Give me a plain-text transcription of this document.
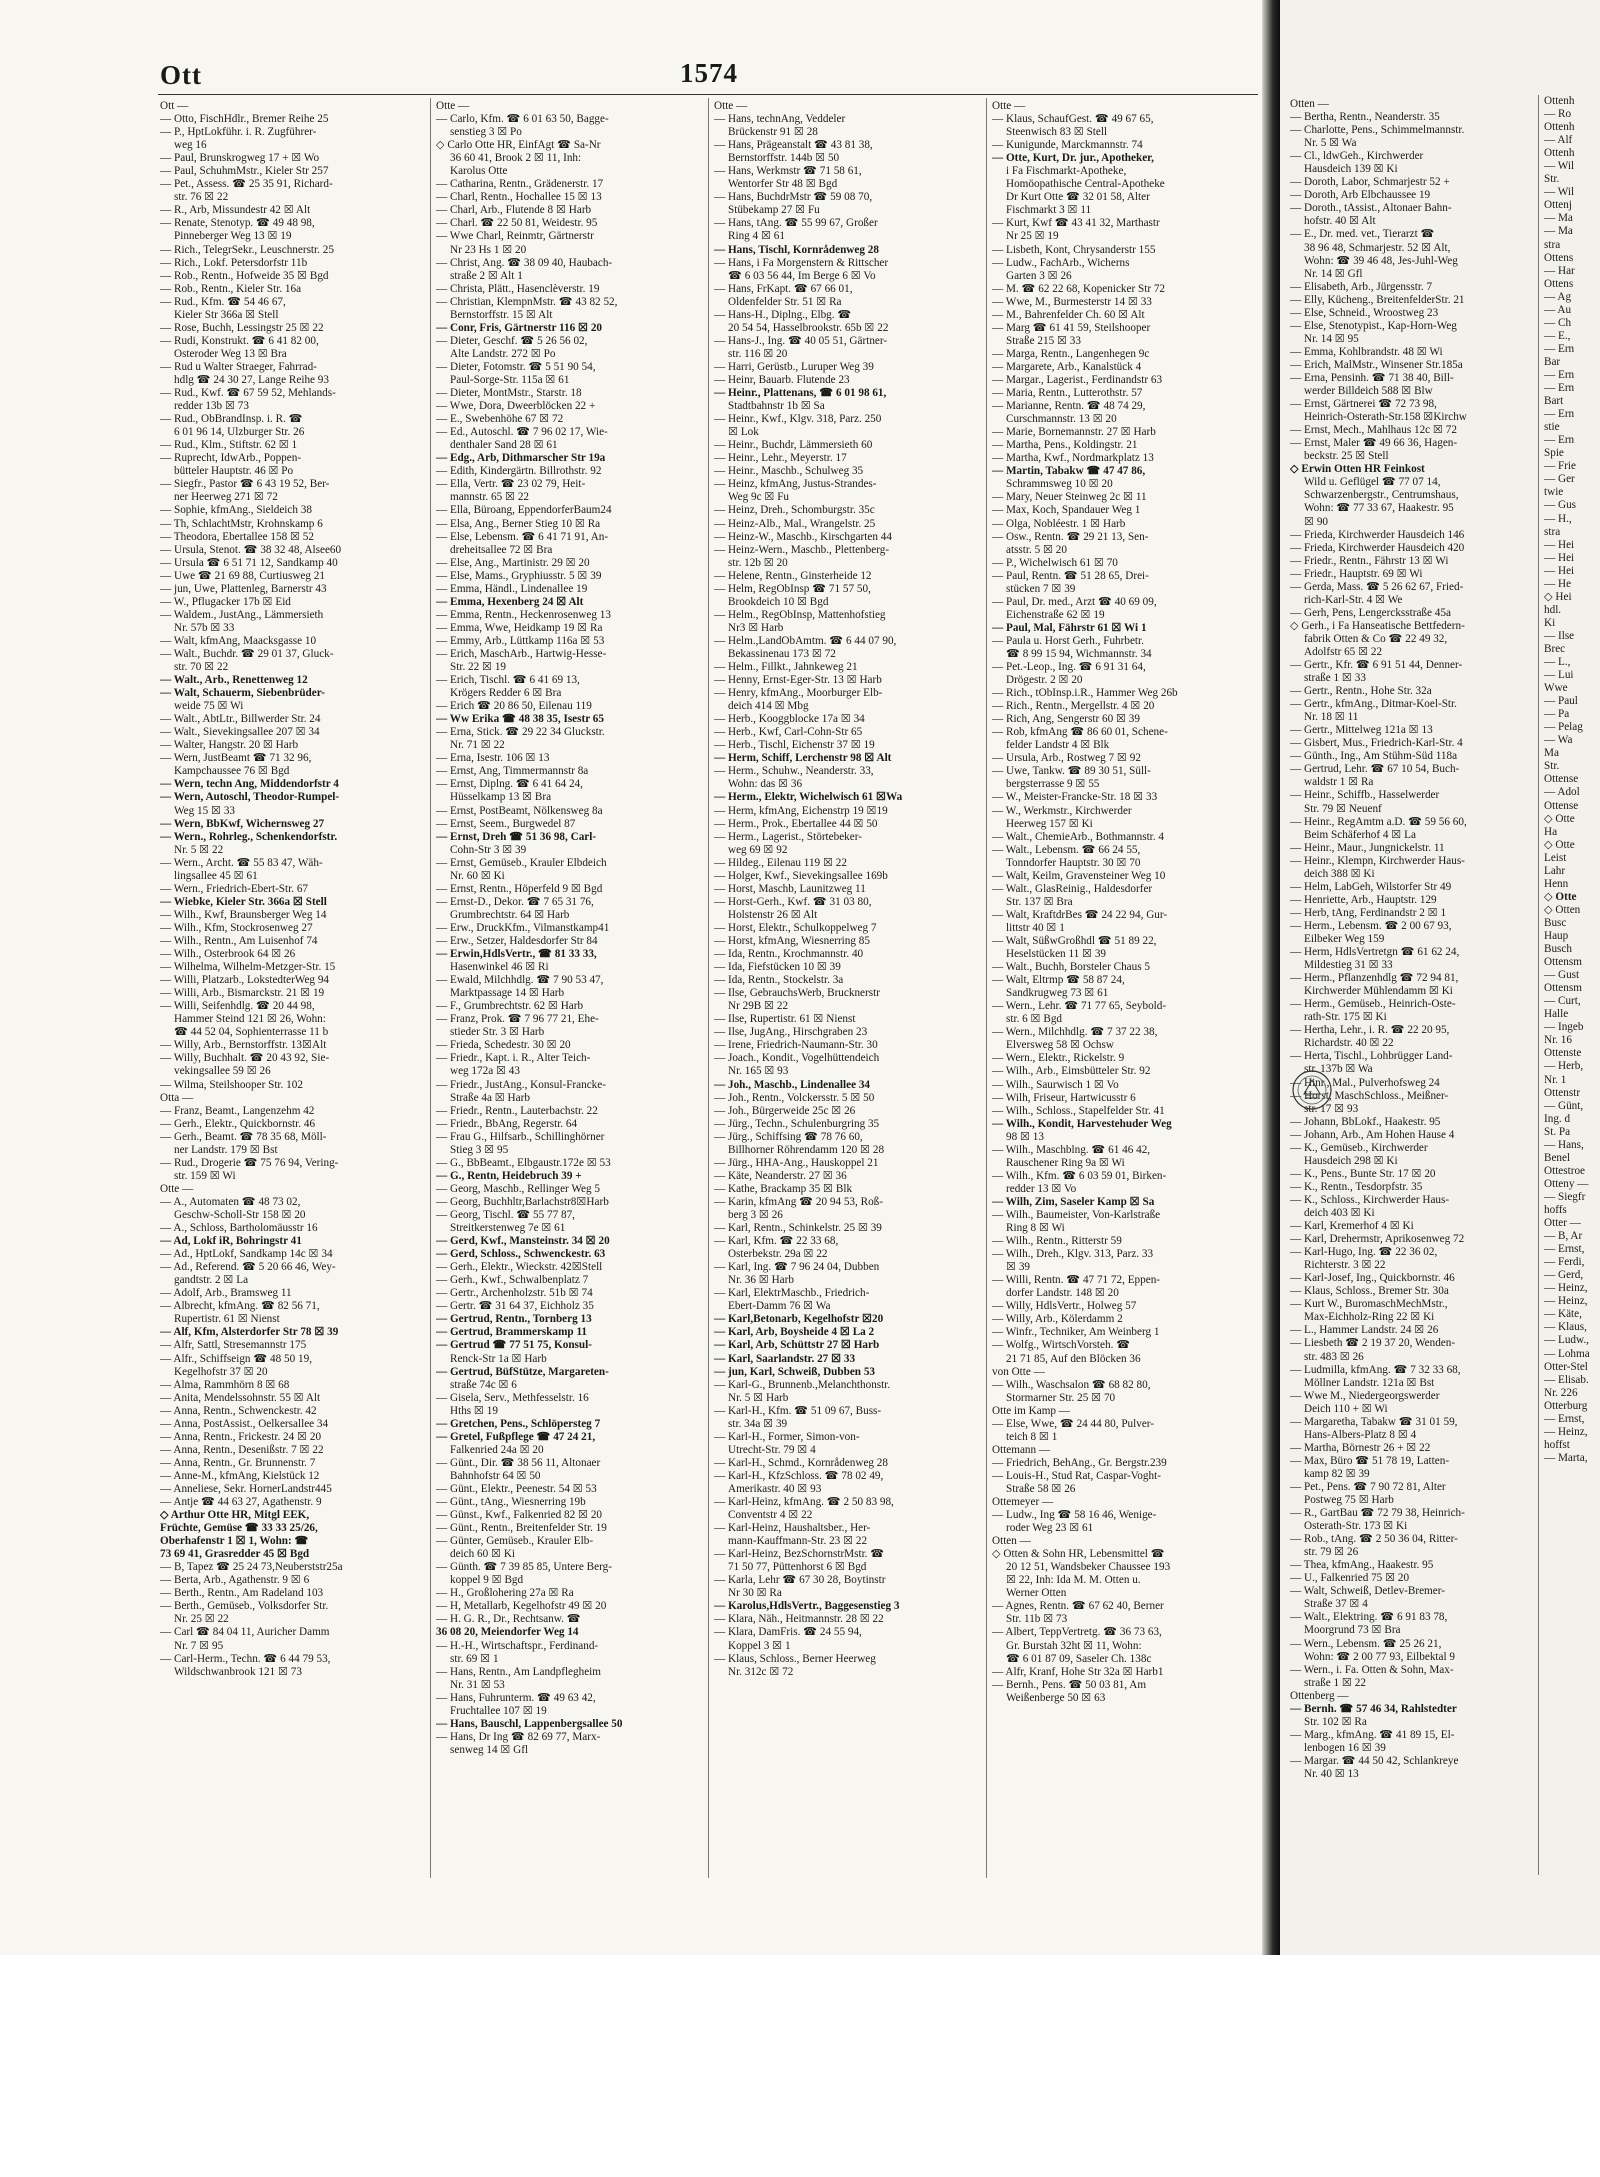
Ott	1574
Ott —
— Otto, FischHdlr., Bremer Reihe 25
— P., HptLokführ. i. R. Zugführer-
weg 16
— Paul, Brunskrogweg 17 + ☒ Wo
— Paul, SchuhmMstr., Kieler Str 257
— Pet., Assess. ☎ 25 35 91, Richard-
str. 76 ☒ 22
— R., Arb, Missundestr 42 ☒ Alt
— Renate, Stenotyp. ☎ 49 48 98,
Pinneberger Weg 13 ☒ 19
— Rich., TelegrSekr., Leuschnerstr. 25
— Rich., Lokf. Petersdorfstr 11b
— Rob., Rentn., Hofweide 35 ☒ Bgd
— Rob., Rentn., Kieler Str. 16a
— Rud., Kfm. ☎ 54 46 67,
Kieler Str 366a ☒ Stell
— Rose, Buchh, Lessingstr 25 ☒ 22
— Rudi, Konstrukt. ☎ 6 41 82 00,
Osteroder Weg 13 ☒ Bra
— Rud u Walter Straeger, Fahrrad-
hdlg ☎ 24 30 27, Lange Reihe 93
— Rud., Kwf. ☎ 67 59 52, Mehlands-
redder 13b ☒ 73
— Rud., ObBrandInsp. i. R. ☎
6 01 96 14, Ulzburger Str. 26
— Rud., Klm., Stiftstr. 62 ☒ 1
— Ruprecht, IdwArb., Poppen-
bütteler Hauptstr. 46 ☒ Po
— Siegfr., Pastor ☎ 6 43 19 52, Ber-
ner Heerweg 271 ☒ 72
— Sophie, kfmAng., Sieldeich 38
— Th, SchlachtMstr, Krohnskamp 6
— Theodora, Ebertallee 158 ☒ 52
— Ursula, Stenot. ☎ 38 32 48, Alsee60
— Ursula ☎ 6 51 71 12, Sandkamp 40
— Uwe ☎ 21 69 88, Curtiusweg 21
— jun, Uwe, Plattenleg, Barnerstr 43
— W., Pflugacker 17b ☒ Eid
— Waldem., JustAng., Lämmersieth
Nr. 57b ☒ 33
— Walt, kfmAng, Maacksgasse 10
— Walt., Buchdr. ☎ 29 01 37, Gluck-
str. 70 ☒ 22
— Walt., Arb., Renettenweg 12
— Walt, Schauerm, Siebenbrüder-
weide 75 ☒ Wi
— Walt., AbtLtr., Billwerder Str. 24
— Walt., Sievekingsallee 207 ☒ 34
— Walter, Hangstr. 20 ☒ Harb
— Wern, JustBeamt ☎ 71 32 96,
Kampchaussee 76 ☒ Bgd
— Wern, techn Ang, Middendorfstr 4
— Wern, Autoschl, Theodor-Rumpel-
Weg 15 ☒ 33
— Wern, BbKwf, Wichernsweg 27
— Wern., Rohrleg., Schenkendorfstr.
Nr. 5 ☒ 22
— Wern., Archt. ☎ 55 83 47, Wäh-
lingsallee 45 ☒ 61
— Wern., Friedrich-Ebert-Str. 67
— Wiebke, Kieler Str. 366a ☒ Stell
— Wilh., Kwf, Braunsberger Weg 14
— Wilh., Kfm, Stockrosenweg 27
— Wilh., Rentn., Am Luisenhof 74
— Wilh., Osterbrook 64 ☒ 26
— Wilhelma, Wilhelm-Metzger-Str. 15
— Willi, Platzarb., LokstedterWeg 94
— Willi, Arb., Bismarckstr. 21 ☒ 19
— Willi, Seifenhdlg. ☎ 20 44 98,
Hammer Steind 121 ☒ 26, Wohn:
☎ 44 52 04, Sophienterrasse 11 b
— Willy, Arb., Bernstorffstr. 13☒Alt
— Willy, Buchhalt. ☎ 20 43 92, Sie-
vekingsallee 59 ☒ 26
— Wilma, Steilshooper Str. 102
Otta —
— Franz, Beamt., Langenzehm 42
— Gerh., Elektr., Quickbornstr. 46
— Gerh., Beamt. ☎ 78 35 68, Möll-
ner Landstr. 179 ☒ Bst
— Rud., Drogerie ☎ 75 76 94, Vering-
str. 159 ☒ Wi
Otte —
— A., Automaten ☎ 48 73 02,
Geschw-Scholl-Str 158 ☒ 20
— A., Schloss, Bartholomäusstr 16
— Ad, Lokf iR, Bohringstr 41
— Ad., HptLokf, Sandkamp 14c ☒ 34
— Ad., Referend. ☎ 5 20 66 46, Wey-
gandtstr. 2 ☒ La
— Adolf, Arb., Bramsweg 11
— Albrecht, kfmAng. ☎ 82 56 71,
Rupertistr. 61 ☒ Nienst
— Alf, Kfm, Alsterdorfer Str 78 ☒ 39
— Alfr, Sattl, Stresemannstr 175
— Alfr., Schiffseign ☎ 48 50 19,
Kegelhofstr 37 ☒ 20
— Alma, Rammhörn 8 ☒ 68
— Anita, Mendelssohnstr. 55 ☒ Alt
— Anna, Rentn., Schwenckestr. 42
— Anna, PostAssist., Oelkersallee 34
— Anna, Rentn., Frickestr. 24 ☒ 20
— Anna, Rentn., Desenißstr. 7 ☒ 22
— Anna, Rentn., Gr. Brunnenstr. 7
— Anne-M., kfmAng, Kielstück 12
— Anneliese, Sekr. HornerLandstr445
— Antje ☎ 44 63 27, Agathenstr. 9
◇ Arthur Otte HR, Mitgl EEK,
Früchte, Gemüse ☎ 33 33 25/26,
Oberhafenstr 1 ☒ 1, Wohn: ☎
73 69 41, Grasredder 45 ☒ Bgd
— B, Tapez ☎ 25 24 73,Neuberststr25a
— Berta, Arb., Agathenstr. 9 ☒ 6
— Berth., Rentn., Am Radeland 103
— Berth., Gemüseb., Volksdorfer Str.
Nr. 25 ☒ 22
— Carl ☎ 84 04 11, Auricher Damm
Nr. 7 ☒ 95
— Carl-Herm., Techn. ☎ 6 44 79 53,
Wildschwanbrook 121 ☒ 73
Otte —
— Carlo, Kfm. ☎ 6 01 63 50, Bagge-
senstieg 3 ☒ Po
◇ Carlo Otte HR, EinfAgt ☎ Sa-Nr
36 60 41, Brook 2 ☒ 11, Inh:
Karolus Otte
— Catharina, Rentn., Grädenerstr. 17
— Charl, Rentn., Hochallee 15 ☒ 13
— Charl, Arb., Flutende 8 ☒ Harb
— Charl. ☎ 22 50 81, Weidestr. 95
— Wwe Charl, Reinmtr, Gärtnerstr
Nr 23 Hs 1 ☒ 20
— Christ, Ang. ☎ 38 09 40, Haubach-
straße 2 ☒ Alt 1
— Christa, Plätt., Hasenclèverstr. 19
— Christian, KlempnMstr. ☎ 43 82 52,
Bernstorffstr. 15 ☒ Alt
— Conr, Fris, Gärtnerstr 116 ☒ 20
— Dieter, Geschf. ☎ 5 26 56 02,
Alte Landstr. 272 ☒ Po
— Dieter, Fotomstr. ☎ 5 51 90 54,
Paul-Sorge-Str. 115a ☒ 61
— Dieter, MontMstr., Starstr. 18
— Wwe, Dora, Dweerblöcken 22 +
— E., Swebenhöhe 67 ☒ 72
— Ed., Autoschl. ☎ 7 96 02 17, Wie-
denthaler Sand 28 ☒ 61
— Edg., Arb, Dithmarscher Str 19a
— Edith, Kindergärtn. Billrothstr. 92
— Ella, Vertr. ☎ 23 02 79, Heit-
mannstr. 65 ☒ 22
— Ella, Büroang, EppendorferBaum24
— Elsa, Ang., Berner Stieg 10 ☒ Ra
— Else, Lebensm. ☎ 6 41 71 91, An-
dreheitsallee 72 ☒ Bra
— Else, Ang., Martinistr. 29 ☒ 20
— Else, Mams., Gryphiusstr. 5 ☒ 39
— Emma, Händl., Lindenallee 19
— Emma, Hexenberg 24 ☒ Alt
— Emma, Rentn., Heckenrosenweg 13
— Emma, Wwe, Heidkamp 19 ☒ Ra
— Emmy, Arb., Lüttkamp 116a ☒ 53
— Erich, MaschArb., Hartwig-Hesse-
Str. 22 ☒ 19
— Erich, Tischl. ☎ 6 41 69 13,
Krögers Redder 6 ☒ Bra
— Erich ☎ 20 86 50, Eilenau 119
— Ww Erika ☎ 48 38 35, Isestr 65
— Erna, Stick. ☎ 29 22 34 Gluckstr.
Nr. 71 ☒ 22
— Erna, Isestr. 106 ☒ 13
— Ernst, Ang, Timmermannstr 8a
— Ernst, Diplng. ☎ 6 41 64 24,
Hüsselkamp 13 ☒ Bra
— Ernst, PostBeamt, Nölkensweg 8a
— Ernst, Seem., Burgwedel 87
— Ernst, Dreh ☎ 51 36 98, Carl-
Cohn-Str 3 ☒ 39
— Ernst, Gemüseb., Krauler Elbdeich
Nr. 60 ☒ Ki
— Ernst, Rentn., Höperfeld 9 ☒ Bgd
— Ernst-D., Dekor. ☎ 7 65 31 76,
Grumbrechtstr. 64 ☒ Harb
— Erw., DruckKfm., Vilmanstkamp41
— Erw., Setzer, Haldesdorfer Str 84
— Erwin,HdlsVertr., ☎ 81 33 33,
Hasenwinkel 46 ☒ Ri
— Ewald, Milchhdlg. ☎ 7 90 53 47,
Marktpassage 14 ☒ Harb
— F., Grumbrechtstr. 62 ☒ Harb
— Franz, Prok. ☎ 7 96 77 21, Ehe-
stieder Str. 3 ☒ Harb
— Frieda, Schedestr. 30 ☒ 20
— Friedr., Kapt. i. R., Alter Teich-
weg 172a ☒ 43
— Friedr., JustAng., Konsul-Francke-
Straße 4a ☒ Harb
— Friedr., Rentn., Lauterbachstr. 22
— Friedr., BbAng, Regerstr. 64
— Frau G., Hilfsarb., Schillinghörner
Stieg 3 ☒ 95
— G., BbBeamt., Elbgaustr.172e ☒ 53
— G., Rentn, Heidebruch 39 +
— Georg, Maschb., Rellinger Weg 5
— Georg, Buchhltr,Barlachstr8☒Harb
— Georg, Tischl. ☎ 55 77 87,
Streitkerstenweg 7e ☒ 61
— Gerd, Kwf., Mansteinstr. 34 ☒ 20
— Gerd, Schloss., Schwenckestr. 63
— Gerh., Elektr., Wieckstr. 42☒Stell
— Gerh., Kwf., Schwalbenplatz 7
— Gertr., Archenholzstr. 51b ☒ 74
— Gertr. ☎ 31 64 37, Eichholz 35
— Gertrud, Rentn., Tornberg 13
— Gertrud, Brammerskamp 11
— Gertrud ☎ 77 51 75, Konsul-
Renck-Str 1a ☒ Harb
— Gertrud, BüfStütze, Margareten-
straße 74c ☒ 6
— Gisela, Serv., Methfesselstr. 16
Hths ☒ 19
— Gretchen, Pens., Schlöpersteg 7
— Gretel, Fußpflege ☎ 47 24 21,
Falkenried 24a ☒ 20
— Günt., Dir. ☎ 38 56 11, Altonaer
Bahnhofstr 64 ☒ 50
— Günt., Elektr., Peenestr. 54 ☒ 53
— Günt., tAng., Wiesnerring 19b
— Günst., Kwf., Falkenried 82 ☒ 20
— Günt., Rentn., Breitenfelder Str. 19
— Günter, Gemüseb., Krauler Elb-
deich 60 ☒ Ki
— Günth. ☎ 7 39 85 85, Untere Berg-
koppel 9 ☒ Bgd
— H., Großlohering 27a ☒ Ra
— H, Metallarb, Kegelhofstr 49 ☒ 20
— H. G. R., Dr., Rechtsanw. ☎
36 08 20, Meiendorfer Weg 14
— H.-H., Wirtschaftspr., Ferdinand-
str. 69 ☒ 1
— Hans, Rentn., Am Landpflegheim
Nr. 31 ☒ 53
— Hans, Fuhrunterm. ☎ 49 63 42,
Fruchtallee 107 ☒ 19
— Hans, Bauschl, Lappenbergsallee 50
— Hans, Dr Ing ☎ 82 69 77, Marx-
senweg 14 ☒ Gfl
Otte —
— Hans, technAng, Veddeler
Brückenstr 91 ☒ 28
— Hans, Prägeanstalt ☎ 43 81 38,
Bernstorffstr. 144b ☒ 50
— Hans, Werkmstr ☎ 71 58 61,
Wentorfer Str 48 ☒ Bgd
— Hans, BuchdrMstr ☎ 59 08 70,
Stübekamp 27 ☒ Fu
— Hans, tAng. ☎ 55 99 67, Großer
Ring 4 ☒ 61
— Hans, Tischl, Kornrådenweg 28
— Hans, i Fa Morgenstern & Rittscher
☎ 6 03 56 44, Im Berge 6 ☒ Vo
— Hans, FrKapt. ☎ 67 66 01,
Oldenfelder Str. 51 ☒ Ra
— Hans-H., Diplng., Elbg. ☎
20 54 54, Hasselbrookstr. 65b ☒ 22
— Hans-J., Ing. ☎ 40 05 51, Gärtner-
str. 116 ☒ 20
— Harri, Gerüstb., Luruper Weg 39
— Heinr, Bauarb. Flutende 23
— Heinr., Plattenans, ☎ 6 01 98 61,
Stadtbahnstr 1b ☒ Sa
— Heinr., Kwf., Klgv. 318, Parz. 250
☒ Lok
— Heinr., Buchdr, Lämmersieth 60
— Heinr., Lehr., Meyerstr. 17
— Heinr., Maschb., Schulweg 35
— Heinz, kfmAng, Justus-Strandes-
Weg 9c ☒ Fu
— Heinz, Dreh., Schomburgstr. 35c
— Heinz-Alb., Mal., Wrangelstr. 25
— Heinz-W., Maschb., Kirschgarten 44
— Heinz-Wern., Maschb., Plettenberg-
str. 12b ☒ 20
— Helene, Rentn., Ginsterheide 12
— Helm, RegObInsp ☎ 71 57 50,
Brookdeich 10 ☒ Bgd
— Helm., RegObInsp, Mattenhofstieg
Nr3 ☒ Harb
— Helm.,LandObAmtm. ☎ 6 44 07 90,
Bekassinenau 173 ☒ 72
— Helm., Fillkt., Jahnkeweg 21
— Henny, Ernst-Eger-Str. 13 ☒ Harb
— Henry, kfmAng., Moorburger Elb-
deich 414 ☒ Mbg
— Herb., Kooggblocke 17a ☒ 34
— Herb., Kwf, Carl-Cohn-Str 65
— Herb., Tischl, Eichenstr 37 ☒ 19
— Herm, Schiff, Lerchenstr 98 ☒ Alt
— Herm., Schuhw., Neanderstr. 33,
Wohn: das ☒ 36
— Herm., Elektr, Wichelwisch 61 ☒Wa
— Herm, kfmAng, Eichenstrp 19 ☒19
— Herm., Prok., Ebertallee 44 ☒ 50
— Herm., Lagerist., Störtebeker-
weg 69 ☒ 92
— Hildeg., Eilenau 119 ☒ 22
— Holger, Kwf., Sievekingsallee 169b
— Horst, Maschb, Launitzweg 11
— Horst-Gerh., Kwf. ☎ 31 03 80,
Holstenstr 26 ☒ Alt
— Horst, Elektr., Schulkoppelweg 7
— Horst, kfmAng, Wiesnerring 85
— Ida, Rentn., Krochmannstr. 40
— Ida, Fiefstücken 10 ☒ 39
— Ida, Rentn., Stockelstr. 3a
— Ilse, GebrauchsWerb, Brucknerstr
Nr 29B ☒ 22
— Ilse, Rupertistr. 61 ☒ Nienst
— Ilse, JugAng., Hirschgraben 23
— Irene, Friedrich-Naumann-Str. 30
— Joach., Kondit., Vogelhüttendeich
Nr. 165 ☒ 93
— Joh., Maschb., Lindenallee 34
— Joh., Rentn., Volckersstr. 5 ☒ 50
— Joh., Bürgerweide 25c ☒ 26
— Jürg., Techn., Schulenburgring 35
— Jürg., Schiffsing ☎ 78 76 60,
Billhorner Röhrendamm 120 ☒ 28
— Jürg., HHA-Ang., Hauskoppel 21
— Käte, Neanderstr. 27 ☒ 36
— Kathe, Brackamp 35 ☒ Blk
— Karin, kfmAng ☎ 20 94 53, Roß-
berg 3 ☒ 26
— Karl, Rentn., Schinkelstr. 25 ☒ 39
— Karl, Kfm. ☎ 22 33 68,
Osterbekstr. 29a ☒ 22
— Karl, Ing. ☎ 7 96 24 04, Dubben
Nr. 36 ☒ Harb
— Karl, ElektrMaschb., Friedrich-
Ebert-Damm 76 ☒ Wa
— Karl,Betonarb, Kegelhofstr ☒20
— Karl, Arb, Boysheide 4 ☒ La 2
— Karl, Arb, Schüttstr 27 ☒ Harb
— Karl, Saarlandstr. 27 ☒ 33
— jun, Karl, Schweiß, Dubben 53
— Karl-G., Brunnenb.,Melanchthonstr.
Nr. 5 ☒ Harb
— Karl-H., Kfm. ☎ 51 09 67, Buss-
str. 34a ☒ 39
— Karl-H., Former, Simon-von-
Utrecht-Str. 79 ☒ 4
— Karl-H., Schmd., Kornrådenweg 28
— Karl-H., KfzSchloss. ☎ 78 02 49,
Amerikastr. 40 ☒ 93
— Karl-Heinz, kfmAng. ☎ 2 50 83 98,
Conventstr 4 ☒ 22
— Karl-Heinz, Haushaltsber., Her-
mann-Kauffmann-Str. 23 ☒ 22
— Karl-Heinz, BezSchornstrMstr. ☎
71 50 77, Püttenhorst 6 ☒ Bgd
— Karla, Lehr ☎ 67 30 28, Boytinstr
Nr 30 ☒ Ra
— Karolus,HdlsVertr., Baggesenstieg 3
— Klara, Näh., Heitmannstr. 28 ☒ 22
— Klara, DamFris. ☎ 24 55 94,
Koppel 3 ☒ 1
— Klaus, Schloss., Berner Heerweg
Nr. 312c ☒ 72
Otte —
— Klaus, SchaufGest. ☎ 49 67 65,
Steenwisch 83 ☒ Stell
— Kunigunde, Marckmannstr. 74
— Otte, Kurt, Dr. jur., Apotheker,
i Fa Fischmarkt-Apotheke,
Homöopathische Central-Apotheke
Dr Kurt Otte ☎ 32 01 58, Alter
Fischmarkt 3 ☒ 11
— Kurt, Kwf ☎ 43 41 32, Marthastr
Nr 25 ☒ 19
— Lisbeth, Kont, Chrysanderstr 155
— Ludw., FachArb., Wicherns
Garten 3 ☒ 26
— M. ☎ 62 22 68, Kopenicker Str 72
— Wwe, M., Burmesterstr 14 ☒ 33
— M., Bahrenfelder Ch. 60 ☒ Alt
— Marg ☎ 61 41 59, Steilshooper
Straße 215 ☒ 33
— Marga, Rentn., Langenhegen 9c
— Margarete, Arb., Kanalstück 4
— Margar., Lagerist., Ferdinandstr 63
— Maria, Rentn., Lutterothstr. 57
— Marianne, Rentn. ☎ 48 74 29,
Curschmannstr. 13 ☒ 20
— Marie, Bornemannstr. 27 ☒ Harb
— Martha, Pens., Koldingstr. 21
— Martha, Kwf., Nordmarkplatz 13
— Martin, Tabakw ☎ 47 47 86,
Schrammsweg 10 ☒ 20
— Mary, Neuer Steinweg 2c ☒ 11
— Max, Koch, Spandauer Weg 1
— Olga, Nobléestr. 1 ☒ Harb
— Osw., Rentn. ☎ 29 21 13, Sen-
atsstr. 5 ☒ 20
— P., Wichelwisch 61 ☒ 70
— Paul, Rentn. ☎ 51 28 65, Drei-
stücken 7 ☒ 39
— Paul, Dr. med., Arzt ☎ 40 69 09,
Eichenstraße 62 ☒ 19
— Paul, Mal, Fährstr 61 ☒ Wi 1
— Paula u. Horst Gerh., Fuhrbetr.
☎ 8 99 15 94, Wichmannstr. 34
— Pet.-Leop., Ing. ☎ 6 91 31 64,
Drögestr. 2 ☒ 20
— Rich., tObInsp.i.R., Hammer Weg 26b
— Rich., Rentn., Mergellstr. 4 ☒ 20
— Rich, Ang, Sengerstr 60 ☒ 39
— Rob, kfmAng ☎ 86 60 01, Schene-
felder Landstr 4 ☒ Blk
— Ursula, Arb., Rostweg 7 ☒ 92
— Uwe, Tankw. ☎ 89 30 51, Süll-
bergsterrasse 9 ☒ 55
— W., Meister-Francke-Str. 18 ☒ 33
— W., Werkmstr., Kirchwerder
Heerweg 157 ☒ Ki
— Walt., ChemieArb., Bothmannstr. 4
— Walt., Lebensm. ☎ 66 24 55,
Tonndorfer Hauptstr. 30 ☒ 70
— Walt, Keilm, Gravensteiner Weg 10
— Walt., GlasReinig., Haldesdorfer
Str. 137 ☒ Bra
— Walt, KraftdrBes ☎ 24 22 94, Gur-
littstr 40 ☒ 1
— Walt, SüßwGroßhdl ☎ 51 89 22,
Heselstücken 11 ☒ 39
— Walt., Buchh, Borsteler Chaus 5
— Walt, Eltrmp ☎ 58 87 24,
Sandkrugweg 73 ☒ 61
— Wern., Lehr. ☎ 71 77 65, Seybold-
str. 6 ☒ Bgd
— Wern., Milchhdlg. ☎ 7 37 22 38,
Elversweg 58 ☒ Ochsw
— Wern., Elektr., Rickelstr. 9
— Wilh., Arb., Eimsbütteler Str. 92
— Wilh., Saurwisch 1 ☒ Vo
— Wilh, Friseur, Hartwicusstr 6
— Wilh., Schloss., Stapelfelder Str. 41
— Wilh., Kondit, Harvestehuder Weg
98 ☒ 13
— Wilh., Maschblng. ☎ 61 46 42,
Rauschener Ring 9a ☒ Wi
— Wilh., Kfm. ☎ 6 03 59 01, Birken-
redder 13 ☒ Vo
— Wilh, Zim, Saseler Kamp ☒ Sa
— Wilh., Baumeister, Von-Karlstraße
Ring 8 ☒ Wi
— Wilh., Rentn., Ritterstr 59
— Wilh., Dreh., Klgv. 313, Parz. 33
☒ 39
— Willi, Rentn. ☎ 47 71 72, Eppen-
dorfer Landstr. 148 ☒ 20
— Willy, HdlsVertr., Holweg 57
— Willy, Arb., Kölerdamm 2
— Winfr., Techniker, Am Weinberg 1
— Wolfg., WirtschVorsteh. ☎
21 71 85, Auf den Blöcken 36
von Otte —
— Wilh., Waschsalon ☎ 68 82 80,
Stormarner Str. 25 ☒ 70
Otte im Kamp —
— Else, Wwe, ☎ 24 44 80, Pulver-
teich 8 ☒ 1
Ottemann —
— Friedrich, BehAng., Gr. Bergstr.239
— Louis-H., Stud Rat, Caspar-Voght-
Straße 58 ☒ 26
Ottemeyer —
— Ludw., Ing ☎ 58 16 46, Wenige-
roder Weg 23 ☒ 61
Otten —
◇ Otten & Sohn HR, Lebensmittel ☎
20 12 51, Wandsbeker Chaussee 193
☒ 22, Inh: Ida M. M. Otten u.
Werner Otten
— Agnes, Rentn. ☎ 67 62 40, Berner
Str. 11b ☒ 73
— Albert, TeppVertretg. ☎ 36 73 63,
Gr. Burstah 32ht ☒ 11, Wohn:
☎ 6 01 87 09, Saseler Ch. 138c
— Alfr, Kranf, Hohe Str 32a ☒ Harb1
— Bernh., Pens. ☎ 50 03 81, Am
Weißenberge 50 ☒ 63
Otten —
— Bertha, Rentn., Neanderstr. 35
— Charlotte, Pens., Schimmelmannstr.
Nr. 5 ☒ Wa
— Cl., ldwGeh., Kirchwerder
Hausdeich 139 ☒ Ki
— Doroth, Labor, Schmarjestr 52 +
— Doroth, Arb Elbchaussee 19
— Doroth., tAssist., Altonaer Bahn-
hofstr. 40 ☒ Alt
— E., Dr. med. vet., Tierarzt ☎
38 96 48, Schmarjestr. 52 ☒ Alt,
Wohn: ☎ 39 46 48, Jes-Juhl-Weg
Nr. 14 ☒ Gfl
— Elisabeth, Arb., Jürgensstr. 7
— Elly, Kücheng., BreitenfelderStr. 21
— Else, Schneid., Wroostweg 23
— Else, Stenotypist., Kap-Horn-Weg
Nr. 14 ☒ 95
— Emma, Kohlbrandstr. 48 ☒ Wi
— Erich, MalMstr., Winsener Str.185a
— Erna, Pensinh. ☎ 71 38 40, Bill-
werder Billdeich 588 ☒ Blw
— Ernst, Gärtnerei ☎ 72 73 98,
Heinrich-Osterath-Str.158 ☒Kirchw
— Ernst, Mech., Mahlhaus 12c ☒ 72
— Ernst, Maler ☎ 49 66 36, Hagen-
beckstr. 25 ☒ Stell
◇ Erwin Otten HR Feinkost
Wild u. Geflügel ☎ 77 07 14,
Schwarzenbergstr., Centrumshaus,
Wohn: ☎ 77 33 67, Haakestr. 95
☒ 90
— Frieda, Kirchwerder Hausdeich 146
— Frieda, Kirchwerder Hausdeich 420
— Friedr., Rentn., Fährstr 13 ☒ Wi
— Friedr., Hauptstr. 69 ☒ Wi
— Gerda, Mass. ☎ 5 26 62 67, Fried-
rich-Karl-Str. 4 ☒ We
— Gerh, Pens, Lengercksstraße 45a
◇ Gerh., i Fa Hanseatische Bettfedern-
fabrik Otten & Co ☎ 22 49 32,
Adolfstr 65 ☒ 22
— Gertr., Kfr. ☎ 6 91 51 44, Denner-
straße 1 ☒ 33
— Gertr., Rentn., Hohe Str. 32a
— Gertr., kfmAng., Ditmar-Koel-Str.
Nr. 18 ☒ 11
— Gertr., Mittelweg 121a ☒ 13
— Gisbert, Mus., Friedrich-Karl-Str. 4
— Günth., Ing., Am Stühm-Süd 118a
— Gertrud, Lehr. ☎ 67 10 54, Buch-
waldstr 1 ☒ Ra
— Heinr., Schiffb., Hasselwerder
Str. 79 ☒ Neuenf
— Heinr., RegAmtm a.D. ☎ 59 56 60,
Beim Schäferhof 4 ☒ La
— Heinr., Maur., Jungnickelstr. 11
— Heinr., Klempn, Kirchwerder Haus-
deich 388 ☒ Ki
— Helm, LabGeh, Wilstorfer Str 49
— Henriette, Arb., Hauptstr. 129
— Herb, tAng, Ferdinandstr 2 ☒ 1
— Herm., Lebensm. ☎ 2 00 67 93,
Eilbeker Weg 159
— Herm, HdlsVertretgn ☎ 61 62 24,
Mildestieg 31 ☒ 33
— Herm., Pflanzenhdlg ☎ 72 94 81,
Kirchwerder Mühlendamm ☒ Ki
— Herm., Gemüseb., Heinrich-Oste-
rath-Str. 175 ☒ Ki
— Hertha, Lehr., i. R. ☎ 22 20 95,
Richardstr. 40 ☒ 22
— Herta, Tischl., Lohbrügger Land-
str. 137b ☒ Wa
— Hinr., Mal., Pulverhofsweg 24
— Horst, MaschSchloss., Meißner-
str. 17 ☒ 93
— Johann, BbLokf., Haakestr. 95
— Johann, Arb., Am Hohen Hause 4
— K., Gemüseb., Kirchwerder
Hausdeich 298 ☒ Ki
— K., Pens., Bunte Str. 17 ☒ 20
— K., Rentn., Tesdorpfstr. 35
— K., Schloss., Kirchwerder Haus-
deich 403 ☒ Ki
— Karl, Kremerhof 4 ☒ Ki
— Karl, Drehermstr, Aprikosenweg 72
— Karl-Hugo, Ing. ☎ 22 36 02,
Richterstr. 3 ☒ 22
— Karl-Josef, Ing., Quickbornstr. 46
— Klaus, Schloss., Bremer Str. 30a
— Kurt W., BuromaschMechMstr.,
Max-Eichholz-Ring 22 ☒ Ki
— L., Hammer Landstr. 24 ☒ 26
— Liesbeth ☎ 2 19 37 20, Wenden-
str. 483 ☒ 26
— Ludmilla, kfmAng. ☎ 7 32 33 68,
Möllner Landstr. 121a ☒ Bst
— Wwe M., Niedergeorgswerder
Deich 110 + ☒ Wi
— Margaretha, Tabakw ☎ 31 01 59,
Hans-Albers-Platz 8 ☒ 4
— Martha, Börnestr 26 + ☒ 22
— Max, Büro ☎ 51 78 19, Latten-
kamp 82 ☒ 39
— Pet., Pens. ☎ 7 90 72 81, Alter
Postweg 75 ☒ Harb
— R., GartBau ☎ 72 79 38, Heinrich-
Osterath-Str. 173 ☒ Ki
— Rob., tAng. ☎ 2 50 36 04, Ritter-
str. 79 ☒ 26
— Thea, kfmAng., Haakestr. 95
— U., Falkenried 75 ☒ 20
— Walt, Schweiß, Detlev-Bremer-
Straße 37 ☒ 4
— Walt., Elektring. ☎ 6 91 83 78,
Moorgrund 73 ☒ Bra
— Wern., Lebensm. ☎ 25 26 21,
Wohn: ☎ 2 00 77 93, Eilbektal 9
— Wern., i. Fa. Otten & Sohn, Max-
straße 1 ☒ 22
Ottenberg —
— Bernh. ☎ 57 46 34, Rahlstedter
Str. 102 ☒ Ra
— Marg., kfmAng. ☎ 41 89 15, El-
lenbogen 16 ☒ 39
— Margar. ☎ 44 50 42, Schlankreye
Nr. 40 ☒ 13
Ottenh
— Ro
Ottenh
— Alf
Ottenh
— Wil
Str.
— Wil
Ottenj
— Ma
— Ma
stra
Ottens
— Har
Ottens
— Ag
— Au
— Ch
— E.,
— Ern
Bar
— Ern
— Ern
Bart
— Ern
stie
— Ern
Spie
— Frie
— Ger
twie
— Gus
— H.,
stra
— Hei
— Hei
— Hei
— He
◇ Hei
hdl.
Ki
— Ilse
Brec
— L.,
— Lui
Wwe
— Paul
— Pa
— Pelag
— Wa
Ma
Str.
Ottense
— Adol
Ottense
◇ Otte
Ha
◇ Otte
Leist
Lahr
Henn
◇ Otte
◇ Otten
Busc
Haup
Busch
Ottensm
— Gust
Ottensm
— Curt,
Halle
— Ingeb
Nr. 16
Ottenste
— Herb,
Nr. 1
Ottenstr
— Günt,
Ing. d
St. Pa
— Hans,
Benel
Ottestroe
Otteny —
— Siegfr
hoffs
Otter —
— B, Ar
— Ernst,
— Ferdi,
— Gerd,
— Heinz,
— Heinz,
— Käte,
— Klaus,
— Ludw.,
— Lohma
Otter-Stel
— Elisab.
Nr. 226
Otterburg
— Ernst,
— Heinz,
hoffst
— Marta,
